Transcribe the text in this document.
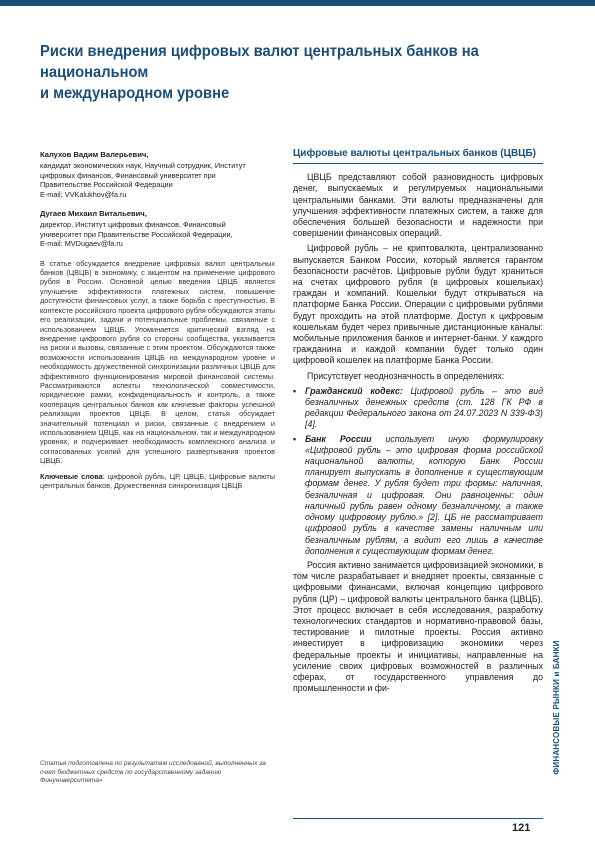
Риски внедрения цифровых валют центральных банков на национальном
и международном уровне
Калухов Вадим Валерьевич,
кандидат экономических наук, Научный сотрудник, Институт
цифровых финансов, Финансовый университет при
Правительстве Российской Федерации
E-mail: VVKalukhov@fa.ru
Дугаев Михаил Витальевич,
директор, Институт цифровых финансов, Финансовый
университет при Правительстве Российской Федерации,
E-mail: MVDugaev@fa.ru

В статье обсуждается внедрение цифровых валют центральных банков (ЦВЦБ) в экономику, с акцентом на применение цифрового рубля в России. Основной целью введения ЦВЦБ является улучшение эффективности платежных систем, повышение доступности финансовых услуг, а также борьба с преступностью. В контексте российского проекта цифрового рубля обсуждаются этапы его реализации, задачи и потенциальные проблемы, связанные с использованием ЦВЦБ. Упоминается критический взгляд на внедрение цифрового рубля со стороны сообщества, указывается на риски и вызовы, связанные с этим проектом. Обсуждаются также возможности использования ЦВЦБ на международном уровне и необходимость дружественной синхронизации различных ЦВЦБ для эффективного функционирования мировой финансовой системы. Рассматриваются аспекты технологической совместимости, юридические рамки, конфиденциальность и контроль, а также кооперация центральных банков как ключевые факторы успешной реализации проектов ЦВЦБ. В целом, статья обсуждает значительный потенциал и риски, связанные с внедрением и использованием ЦВЦБ, как на национальном, так и международном уровнях, и подчеркивает необходимость комплексного анализа и согласованных усилий для успешного развертывания проектов ЦВЦБ.

Ключевые слова: цифровой рубль, ЦР, ЦВЦБ, Цифровые валюты центральных банков, Дружественная синхронизация ЦВЦБ
Статья подготовлена по результатам исследований, выполненных за счет бюджетных средств по государственному заданию Финуниверситета»
Цифровые валюты центральных банков (ЦВЦБ)

ЦВЦБ представляют собой разновидность цифровых денег, выпускаемых и регулируемых национальными центральными банками. Эти валюты предназначены для улучшения эффективности платежных систем, а также для обеспечения большей безопасности и надежности при совершении финансовых операций.

Цифровой рубль – не криптовалюта, централизованно выпускается Банком России, который является гарантом безопасности расчётов. Цифровые рубли будут храниться на счетах цифрового рубля (в цифровых кошельках) граждан и компаний. Кошельки будут открываться на платформе Банка России. Операции с цифровыми рублями будут проходить на этой платформе. Доступ к цифровым кошелькам будет через привычные дистанционные каналы: мобильные приложения банков и интернет-банки. У каждого гражданина и каждой компании будет только один цифровой кошелек на платформе Банка России.

Присутствует неоднозначность в определениях:

• Гражданский кодекс: Цифровой рубль – это вид безналичных денежных средств (ст. 128 ГК РФ в редакции Федерального закона от 24.07.2023 N 339-ФЗ) [4].
• Банк России использует иную формулировку «Цифровой рубль – это цифровая форма российской национальной валюты, которую Банк России планирует выпускать в дополнение к существующим формам денег. У рубля будет три формы: наличная, безналичная и цифровая. Они равноценны: один наличный рубль равен одному безналичному, а также одному цифровому рублю.» [2]. ЦБ не рассматривает цифровой рубль в качестве замены наличным или безналичным рублям, а видит его лишь в качестве дополнения к существующим формам денег.

Россия активно занимается цифровизацией экономики, в том числе разрабатывает и внедряет проекты, связанные с цифровыми финансами, включая концепцию цифрового рубля (ЦР) – цифровой валюты центрального банка (ЦВЦБ). Этот процесс включает в себя исследования, разработку технологических стандартов и нормативно-правовой базы, тестирование и пилотные проекты. Россия активно инвестирует в цифровизацию экономики через федеральные проекты и инициативы, направленные на усиление своих цифровых возможностей в различных сферах, от государственного управления до промышленности и фи-	ФИНАНСОВЫЕ РЫНКИ и БАНКИ
121
